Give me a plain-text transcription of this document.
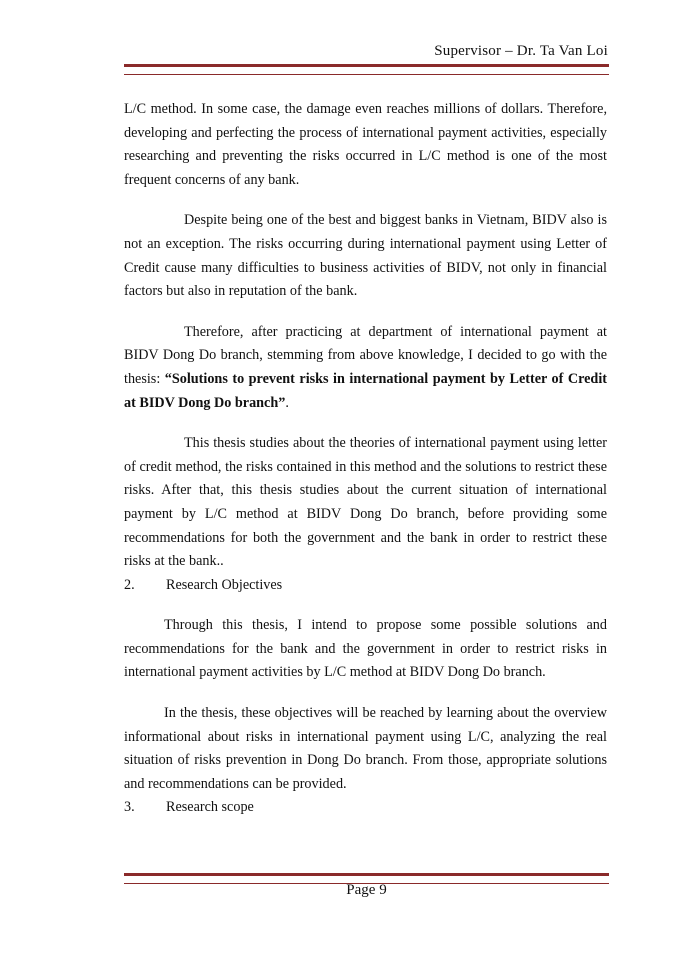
Supervisor – Dr. Ta Van Loi

L/C method. In some case, the damage even reaches millions of dollars. Therefore, developing and perfecting the process of international payment activities, especially researching and preventing the risks occurred in L/C method is one of the most frequent concerns of any bank.

Despite being one of the best and biggest banks in Vietnam, BIDV also is not an exception. The risks occurring during international payment using Letter of Credit cause many difficulties to business activities of BIDV, not only in financial factors but also in reputation of the bank.

Therefore, after practicing at department of international payment at BIDV Dong Do branch, stemming from above knowledge, I decided to go with the thesis: “Solutions to prevent risks in international payment by Letter of Credit at BIDV Dong Do branch”.

This thesis studies about the theories of international payment using letter of credit method, the risks contained in this method and the solutions to restrict these risks. After that, this thesis studies about the current situation of international payment by L/C method at BIDV Dong Do branch, before providing some recommendations for both the government and the bank in order to restrict these risks at the bank..

2.	Research Objectives

Through this thesis, I intend to propose some possible solutions and recommendations for the bank and the government in order to restrict risks in international payment activities by L/C method at BIDV Dong Do branch.

In the thesis, these objectives will be reached by learning about the overview informational about risks in international payment using L/C, analyzing the real situation of risks prevention in Dong Do branch. From those, appropriate solutions and recommendations can be provided.

3.	Research scope
Page 9
